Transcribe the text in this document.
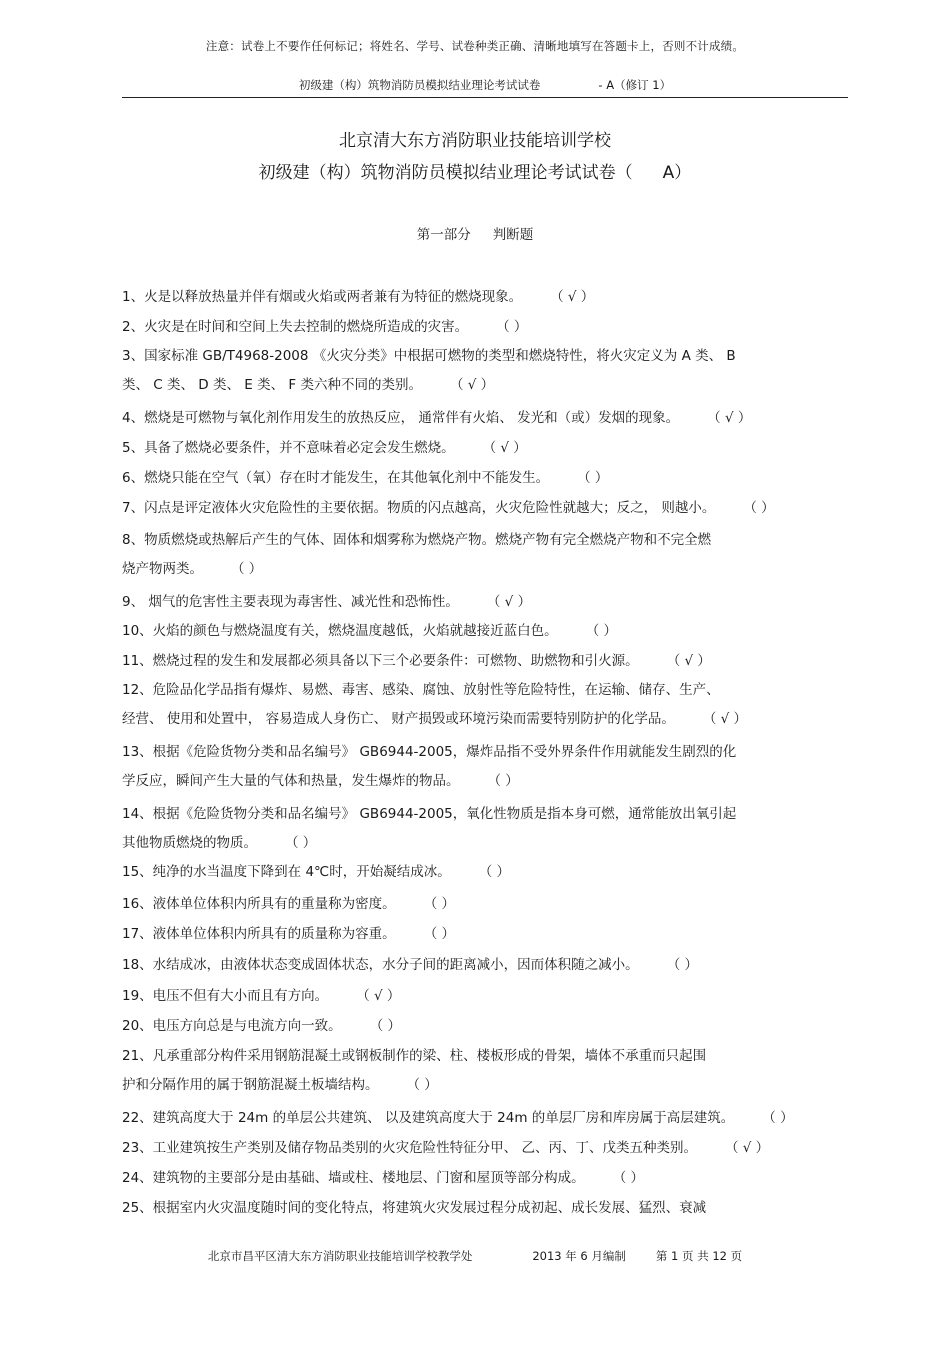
注意：试卷上不要作任何标记；将姓名、学号、试卷种类正确、清晰地填写在答题卡上，否则不计成绩。
初级建（构）筑物消防员模拟结业理论考试试卷	- A（修订 1）
北京清大东方消防职业技能培训学校
初级建（构）筑物消防员模拟结业理论考试试卷（ A）
第一部分 判断题
1、火是以释放热量并伴有烟或火焰或两者兼有为特征的燃烧现象。 （ √ ）
2、火灾是在时间和空间上失去控制的燃烧所造成的灾害。 （ ）
3、国家标准 GB/T4968-2008 《火灾分类》中根据可燃物的类型和燃烧特性，将火灾定义为 A 类、 B
类、 C 类、 D 类、 E 类、 F 类六种不同的类别。 （ √ ）
4、燃烧是可燃物与氧化剂作用发生的放热反应， 通常伴有火焰、 发光和（或）发烟的现象。 （ √ ）
5、具备了燃烧必要条件，并不意味着必定会发生燃烧。 （ √ ）
6、燃烧只能在空气（氧）存在时才能发生，在其他氧化剂中不能发生。 （ ）
7、闪点是评定液体火灾危险性的主要依据。物质的闪点越高，火灾危险性就越大；反之， 则越小。 （ ）
8、物质燃烧或热解后产生的气体、固体和烟雾称为燃烧产物。燃烧产物有完全燃烧产物和不完全燃
烧产物两类。 （ ）
9、 烟气的危害性主要表现为毒害性、减光性和恐怖性。 （ √ ）
10、火焰的颜色与燃烧温度有关，燃烧温度越低，火焰就越接近蓝白色。 （ ）
11、燃烧过程的发生和发展都必须具备以下三个必要条件：可燃物、助燃物和引火源。 （ √ ）
12、危险品化学品指有爆炸、易燃、毒害、感染、腐蚀、放射性等危险特性，在运输、储存、生产、
经营、 使用和处置中， 容易造成人身伤亡、 财产损毁或环境污染而需要特别防护的化学品。 （ √ ）
13、根据《危险货物分类和品名编号》 GB6944-2005，爆炸品指不受外界条件作用就能发生剧烈的化
学反应，瞬间产生大量的气体和热量，发生爆炸的物品。 （ ）
14、根据《危险货物分类和品名编号》 GB6944-2005，氧化性物质是指本身可燃，通常能放出氧引起
其他物质燃烧的物质。 （ ）
15、纯净的水当温度下降到在 4℃时，开始凝结成冰。 （ ）
16、液体单位体积内所具有的重量称为密度。 （ ）
17、液体单位体积内所具有的质量称为容重。 （ ）
18、水结成冰，由液体状态变成固体状态，水分子间的距离减小，因而体积随之减小。 （ ）
19、电压不但有大小而且有方向。 （ √ ）
20、电压方向总是与电流方向一致。 （ ）
21、凡承重部分构件采用钢筋混凝土或钢板制作的梁、柱、楼板形成的骨架，墙体不承重而只起围
护和分隔作用的属于钢筋混凝土板墙结构。 （ ）
22、建筑高度大于 24m 的单层公共建筑、 以及建筑高度大于 24m 的单层厂房和库房属于高层建筑。 （ ）
23、工业建筑按生产类别及储存物品类别的火灾危险性特征分甲、 乙、丙、丁、戊类五种类别。 （ √ ）
24、建筑物的主要部分是由基础、墙或柱、楼地层、门窗和屋顶等部分构成。 （ ）
25、根据室内火灾温度随时间的变化特点，将建筑火灾发展过程分成初起、成长发展、猛烈、衰减
北京市昌平区清大东方消防职业技能培训学校教学处	2013 年 6 月编制	第 1 页 共 12 页
